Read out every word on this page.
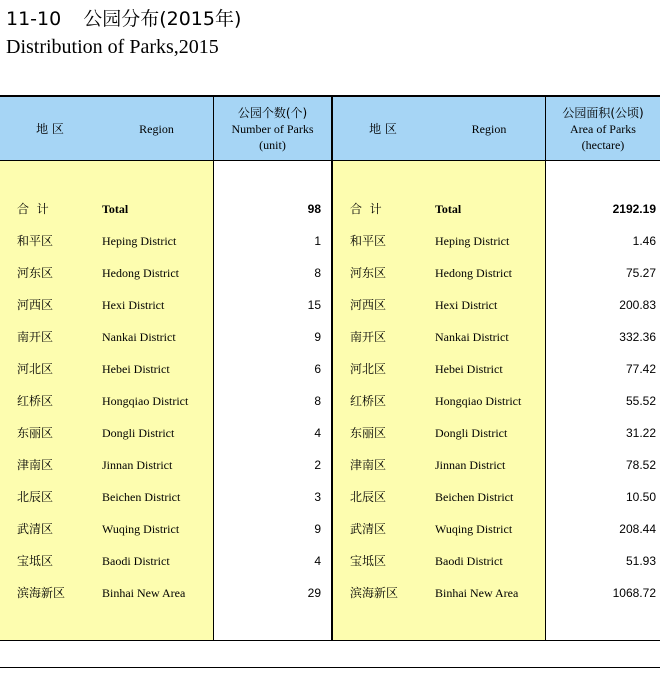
11-10 公园分布(2015年)
Distribution of Parks,2015
地 区	Region
公园个数(个)
Number of Parks
(unit)
合  计	Total	98
和平区	Heping District	1
河东区	Hedong District	8
河西区	Hexi District	15
南开区	Nankai District	9
河北区	Hebei District	6
红桥区	Hongqiao District	8
东丽区	Dongli District	4
津南区	Jinnan District	2
北辰区	Beichen District	3
武清区	Wuqing District	9
宝坻区	Baodi District	4
滨海新区	Binhai New Area	29
地 区	Region
公园面积(公顷)
Area of Parks
(hectare)
合  计	Total	2192.19
和平区	Heping District	1.46
河东区	Hedong District	75.27
河西区	Hexi District	200.83
南开区	Nankai District	332.36
河北区	Hebei District	77.42
红桥区	Hongqiao District	55.52
东丽区	Dongli District	31.22
津南区	Jinnan District	78.52
北辰区	Beichen District	10.50
武清区	Wuqing District	208.44
宝坻区	Baodi District	51.93
滨海新区	Binhai New Area	1068.72
